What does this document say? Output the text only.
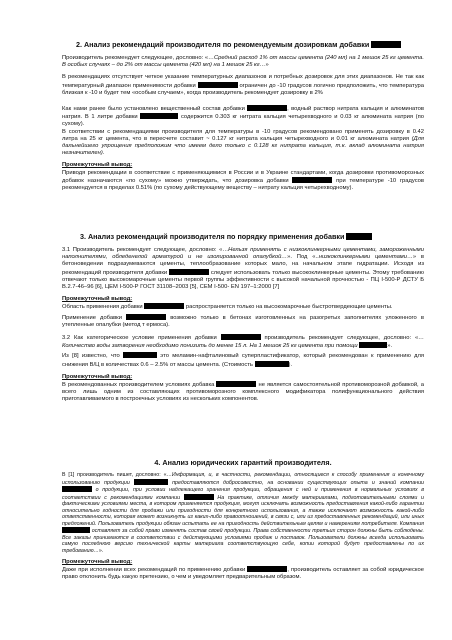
2. Анализ рекомендаций производителя по рекомендуемым дозировкам добавки

Производитель рекомендует следующее, дословно: «…Средний расход 1% от массы цемента (240 мл) на 1 мешок 25 кг цемента. В особых случаях – до 2% от массы цемента (420 мл) на 1 мешок 25 кг…»

В рекомендациях отсутствует четкое указание температурных диапазонов и потребных дозировок для этих диапазонов. Не так как температурный диапазон применимости добавки	ограничен до -10 градусов логично предположить, что температура близкая к -10 и будет тем «особым случаем», когда производитель рекомендует дозировку в 2%

Как нами ранее было установлено вещественный состав добавки	, водный раствор нитрата кальция и алюминатов натрия. В 1 литре добавки	содержится 0.303 кг нитрата кальция четырехводного и 0.03 кг алюмината натрия (по сухому).
В соответствии с рекомендациями производителя для температуры в -10 градусов рекомендовано применять дозировку в 0.42 литра на 25 кг цемента, что в пересчете составит ~ 0.127 кг нитрата кальция четырехводного и 0.01 кг алюмината натрия (Для дальнейшего упрощения предположим что имеем дело только с 0.128 кг нитрата кальция, т.к. вклад алюмината натрия незначителен).

Промежуточный вывод:

Приводя рекомендации в соответствие с применяющимися в России и в Украине стандартами, когда дозировки противоморозных добавок назначаются «по сухому» можно утверждать, что дозировка добавки	при температуре -10 градусов рекомендуется в пределах 0.51% (по сухому действующему веществу – нитрату кальция четырехводному).

3. Анализ рекомендаций производителя по порядку применения добавки

3.1 Производитель рекомендует следующее, дословно: «…Нельзя применять с низкоклинкерными цементами, замороженными наполнителями, обледенелой арматурой и не изолированной опалубкой…». Под «..низкоклинкерными цементами…» в бетоноведении подразумеваются цементы, теплообразование которых мало, на начальном этапе гидратации. Исходя из рекомендаций производителя добавки	следует использовать только высококлинкерные цементы. Этому требованию отвечают только высокомарочные цементы первой группы эффективности с высокой начальной прочностью - ПЦ I-500-Р ДСТУ Б В.2.7-46–96 [6], ЦЕМ I-500-Р ГОСТ 31108–2003 [5], CEM I-500- EN 197–1:2000 [7]

Промежуточный вывод:

Область применения добавки	распространяется только на высокомарочные быстротвердеющие цементы.

Применение добавки	возможно только в бетонах изготовленных на разогретых заполнителях уложенного в утепленные опалубки (метод т ермоса).

3.2 Как категорическое условие применения добавки	производитель рекомендует следующее, дословно: «…Количество воды затворения необходимо понизить до менее 15 л. На 1 мешок 25 кг цемента при помощи	».

Из [8] известно, что	это меламин-нафталиновый суперпластификатор, который рекомендован к применению для снижения В/Ц в количествах 0.6 – 2.5% от массы цемента. (Стоимость	).

Промежуточный вывод:

В рекомендованных производителем условиях добавка	не является самостоятельной противоморозной добавкой, а всего лишь одним из составляющих противоморозного комплексного модификатора полифункционального действия приготавливаемого в построечных условиях из нескольких компонентов.

4. Анализ юридических гарантий производителя.

В [1] производитель пишет, дословно: «…Информация, и, в частности, рекомендации, относящиеся к способу применения и конечному использованию продукции	предоставляются добросовестно, на основании существующих опыта и знаний компании  о продукции, при условии надлежащего хранения продукции, обращения с ней и применения в нормальных условиях в соответствии с рекомендациями компании	На практике, отличия между материалами, подготовительными слоями и фактическими условиями места, в котором применяется продукция, могут исключать возможность предоставления какой-либо гарантии относительно годности для продажи или пригодности для конкретного использования, а также исключают возможность какой-либо ответственности, которая может возникнуть из каких-либо правоотношений, в связи с, или из предоставленных рекомендаций, или иных предложений. Пользователь продукции обязан испытать ее на пригодность действительным целям и намерениям потребителя. Компания  оставляет за собой право изменять состав своей продукции. Права собственности третьих сторон должны быть соблюдены. Все заказы принимаются в соответствии с действующими условиями продаж и поставок. Пользователи должны всегда использовать самую последнюю версию технической карты материала соответствующую себе, копии которой будут предоставлены по их требованию…».

Промежуточный вывод:

Даже при исполнении всех рекомендаций по применению добавки	, производитель оставляет за собой юридическое право отклонить будь какую претензию, о чем и уведомляет предварительным образом.
